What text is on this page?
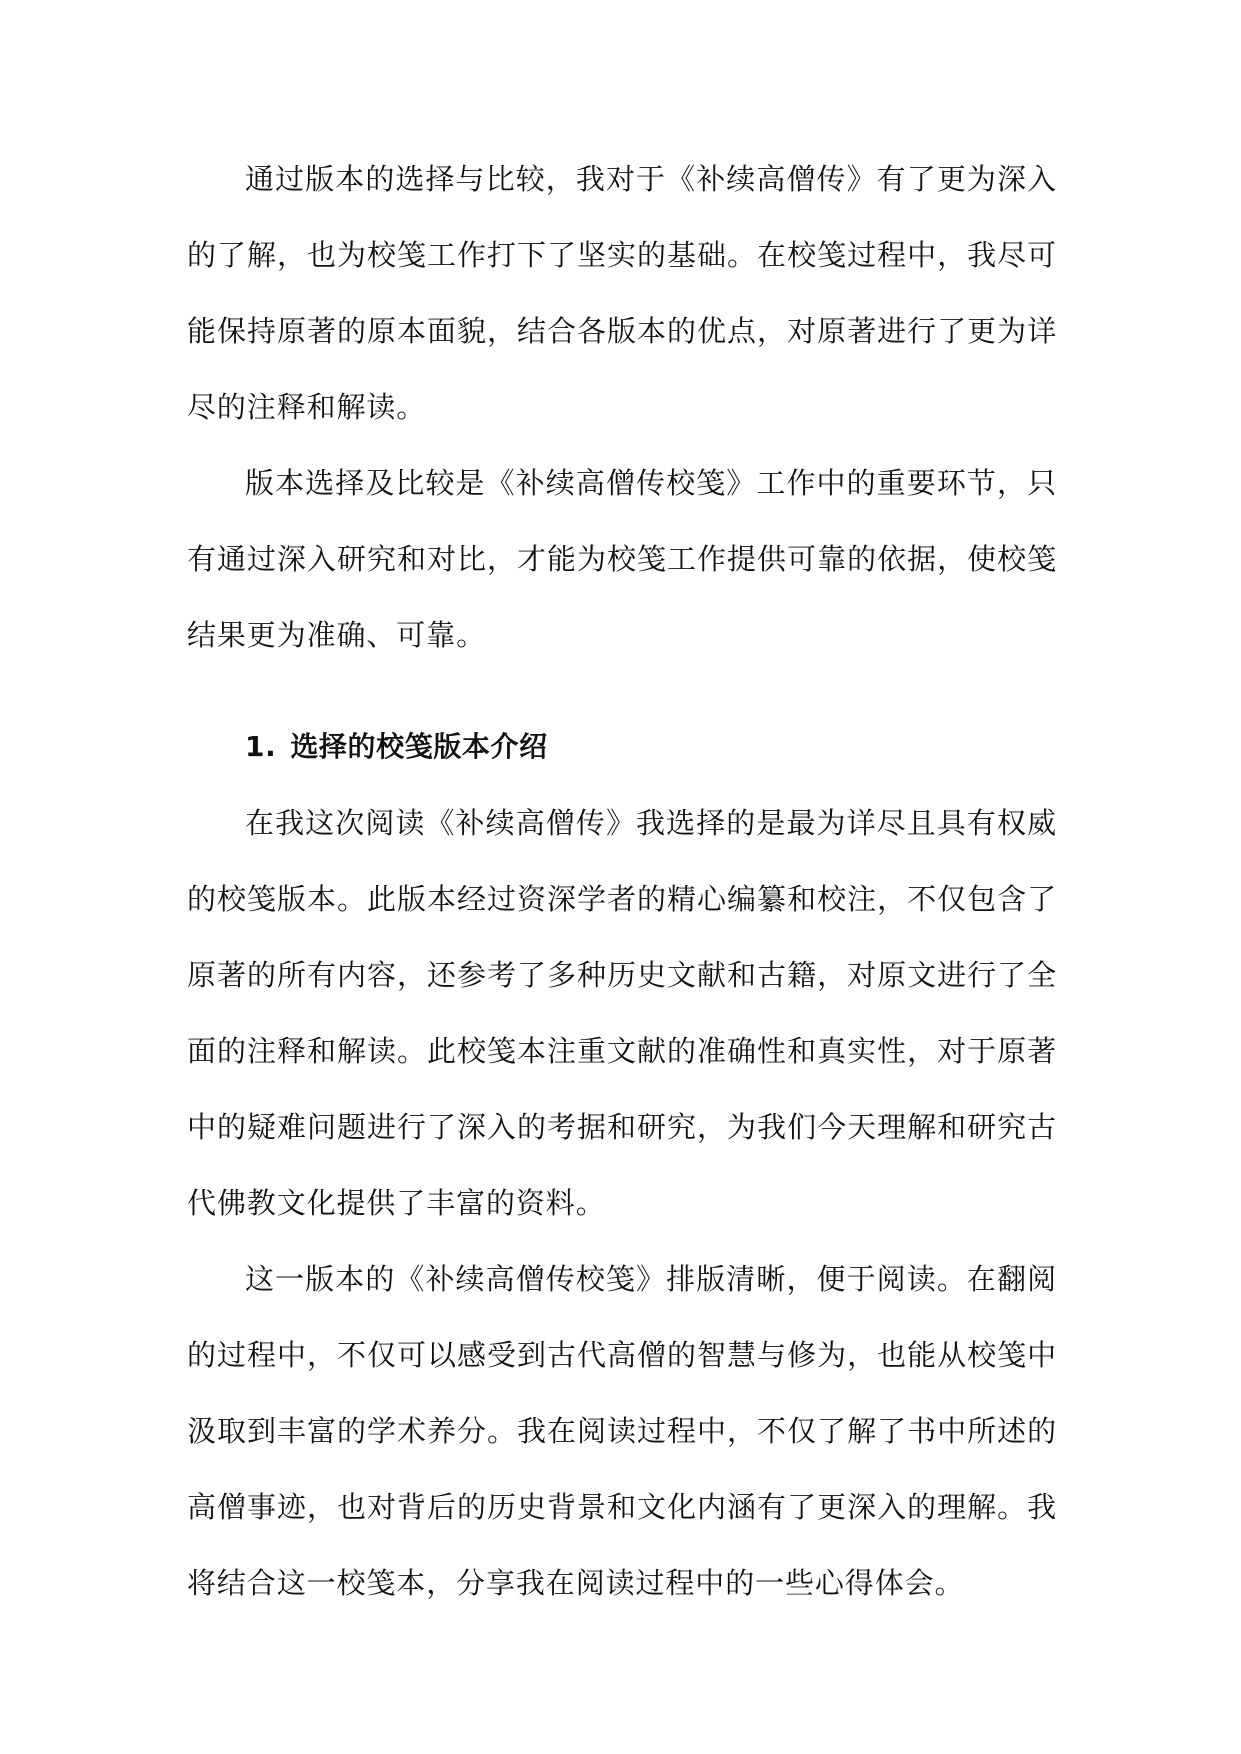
通过版本的选择与比较，我对于《补续高僧传》有了更为深入的了解，也为校笺工作打下了坚实的基础。在校笺过程中，我尽可能保持原著的原本面貌，结合各版本的优点，对原著进行了更为详尽的注释和解读。

版本选择及比较是《补续高僧传校笺》工作中的重要环节，只有通过深入研究和对比，才能为校笺工作提供可靠的依据，使校笺结果更为准确、可靠。

1. 选择的校笺版本介绍

在我这次阅读《补续高僧传》我选择的是最为详尽且具有权威的校笺版本。此版本经过资深学者的精心编纂和校注，不仅包含了原著的所有内容，还参考了多种历史文献和古籍，对原文进行了全面的注释和解读。此校笺本注重文献的准确性和真实性，对于原著中的疑难问题进行了深入的考据和研究，为我们今天理解和研究古代佛教文化提供了丰富的资料。

这一版本的《补续高僧传校笺》排版清晰，便于阅读。在翻阅的过程中，不仅可以感受到古代高僧的智慧与修为，也能从校笺中汲取到丰富的学术养分。我在阅读过程中，不仅了解了书中所述的高僧事迹，也对背后的历史背景和文化内涵有了更深入的理解。我将结合这一校笺本，分享我在阅读过程中的一些心得体会。
